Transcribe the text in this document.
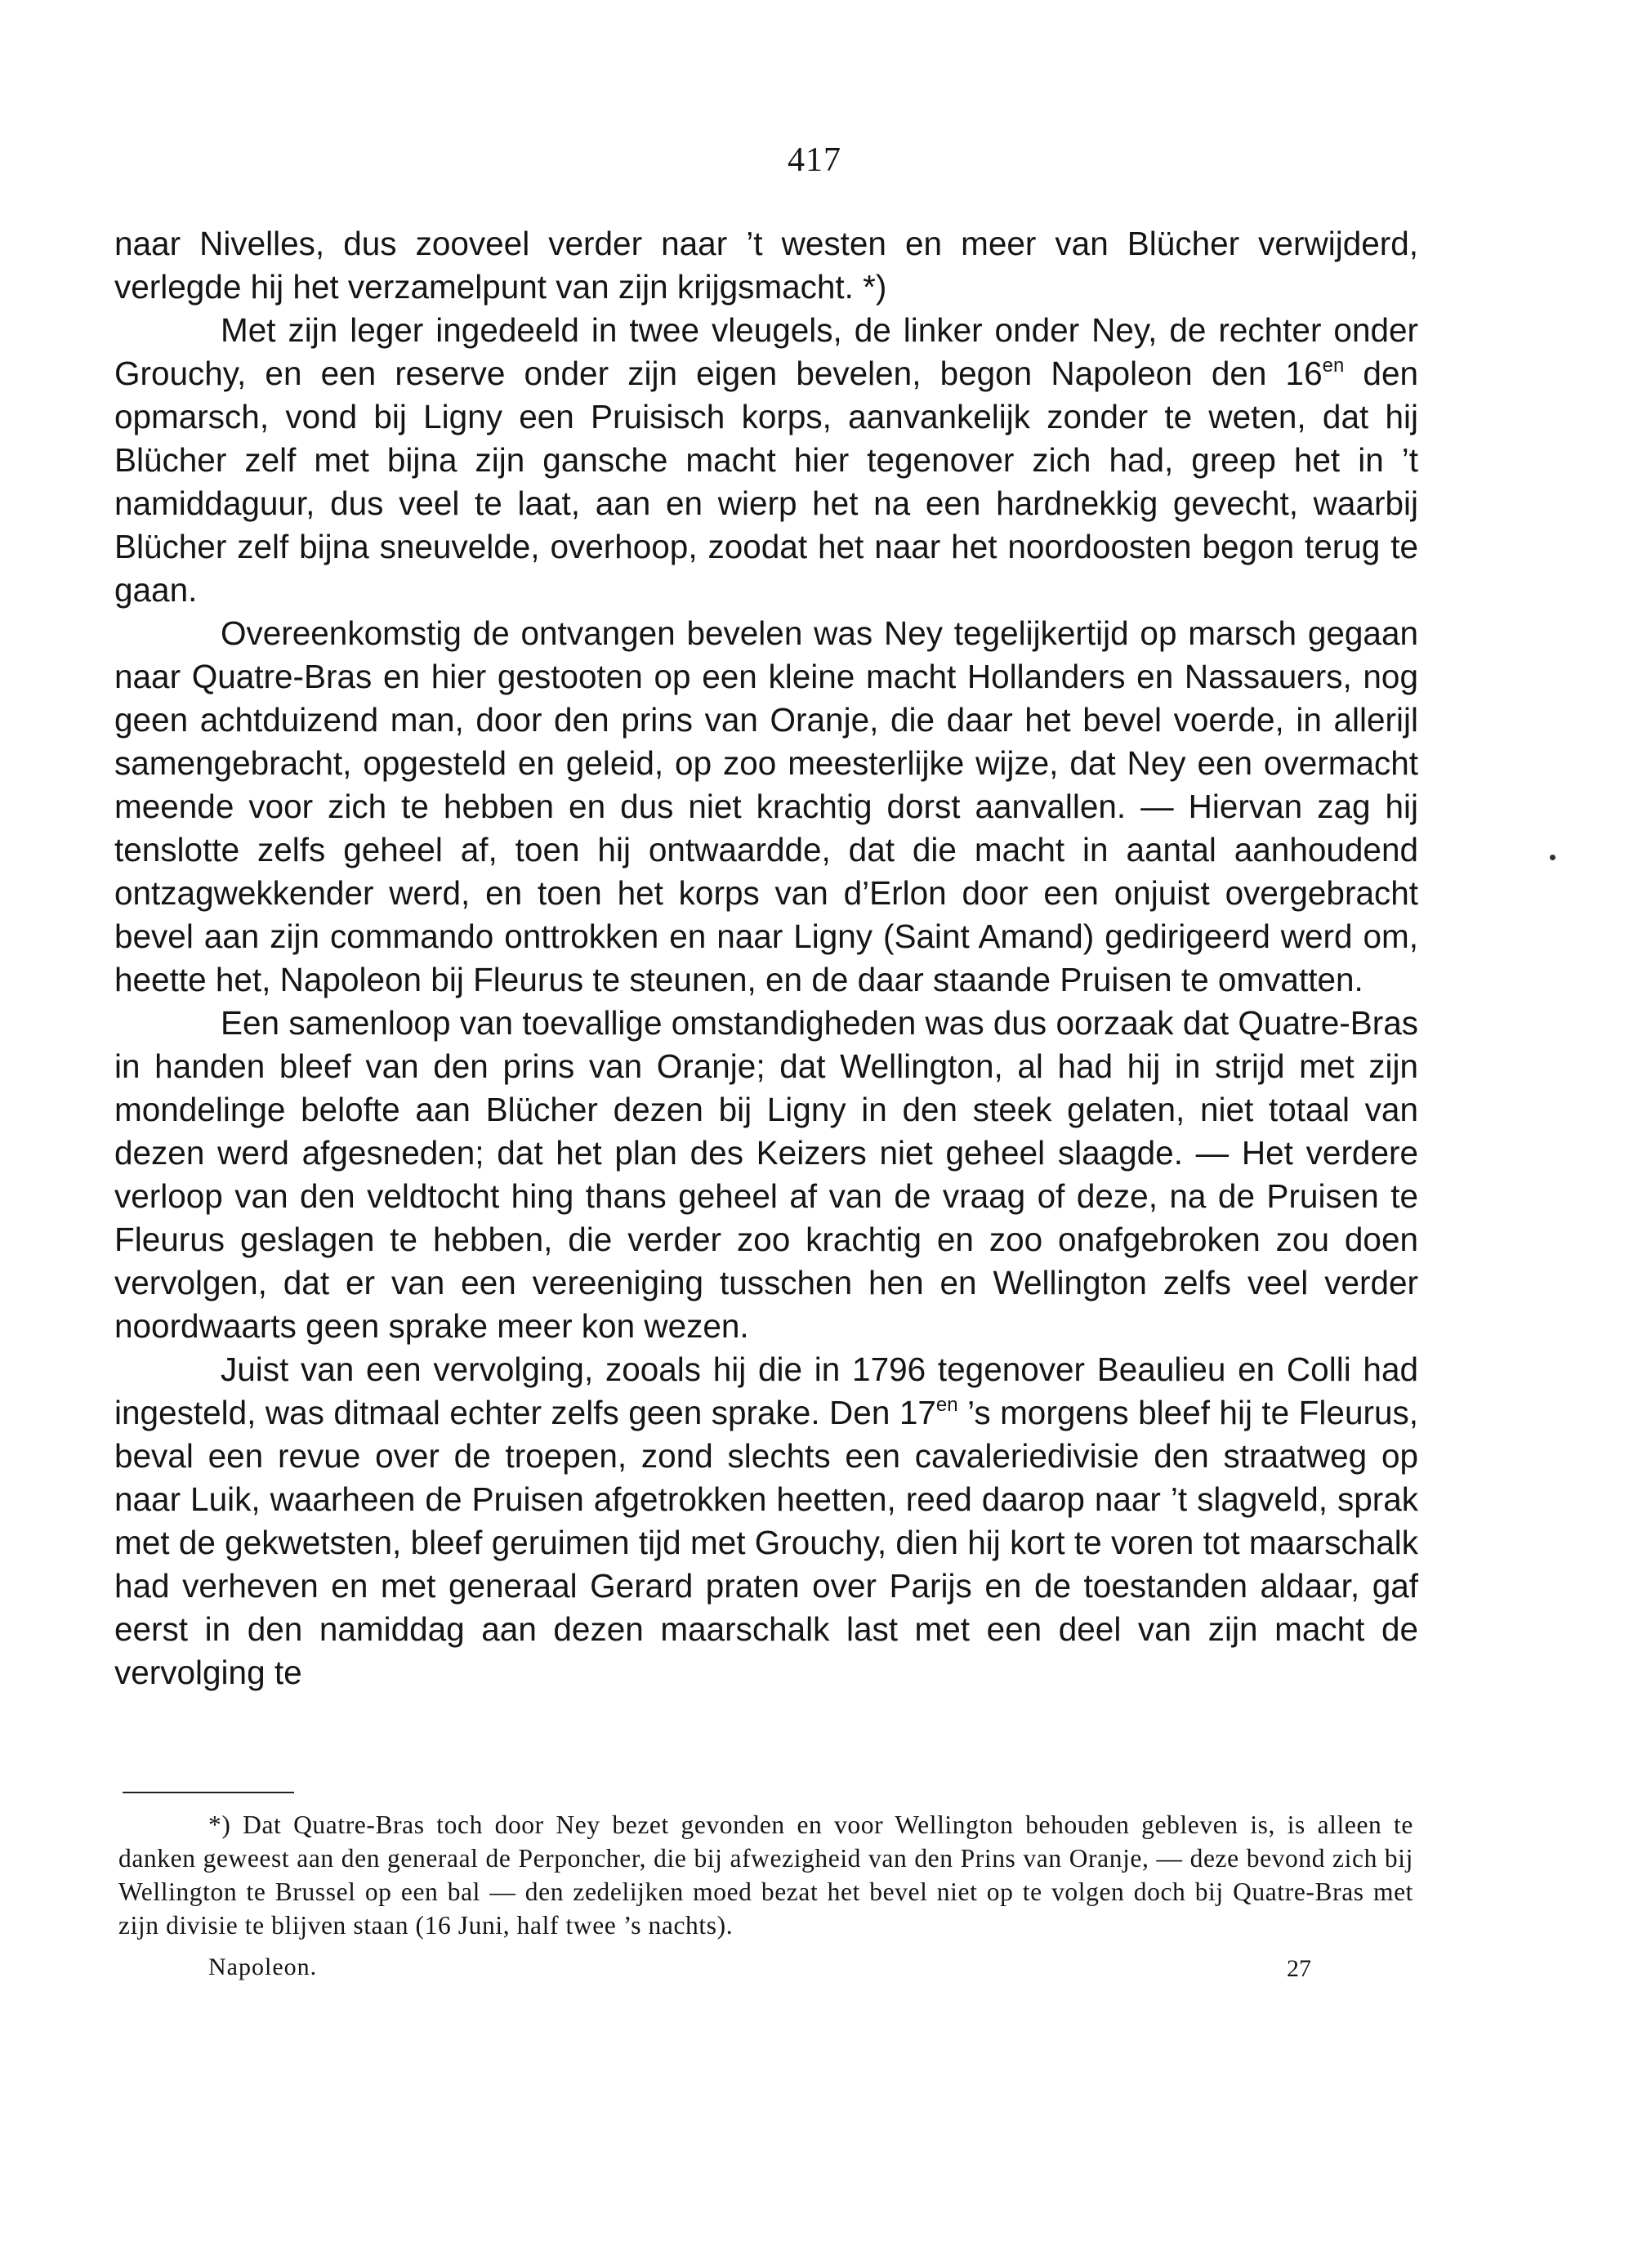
417

naar Nivelles, dus zooveel verder naar ’t westen en meer van Blücher verwijderd, verlegde hij het verzamelpunt van zijn krijgsmacht. *)

Met zijn leger ingedeeld in twee vleugels, de linker onder Ney, de rechter onder Grouchy, en een reserve onder zijn eigen bevelen, begon Napoleon den $16^{en}$ den opmarsch, vond bij Ligny een Pruisisch korps, aanvankelijk zonder te weten, dat hij Blücher zelf met bijna zijn gansche macht hier tegenover zich had, greep het in ’t namiddaguur, dus veel te laat, aan en wierp het na een hardnekkig gevecht, waarbij Blücher zelf bijna sneuvelde, overhoop, zoodat het naar het noordoosten begon terug te gaan.

Overeenkomstig de ontvangen bevelen was Ney tegelijkertijd op marsch gegaan naar Quatre-Bras en hier gestooten op een kleine macht Hollanders en Nassauers, nog geen achtduizend man, door den prins van Oranje, die daar het bevel voerde, in allerijl samengebracht, opgesteld en geleid, op zoo meesterlijke wijze, dat Ney een overmacht meende voor zich te hebben en dus niet krachtig dorst aanvallen. — Hiervan zag hij tenslotte zelfs geheel af, toen hij ontwaardde, dat die macht in aantal aanhoudend ontzagwekkender werd, en toen het korps van d’Erlon door een onjuist overgebracht bevel aan zijn commando onttrokken en naar Ligny (Saint Amand) gedirigeerd werd om, heette het, Napoleon bij Fleurus te steunen, en de daar staande Pruisen te omvatten.

Een samenloop van toevallige omstandigheden was dus oorzaak dat Quatre-Bras in handen bleef van den prins van Oranje; dat Wellington, al had hij in strijd met zijn mondelinge belofte aan Blücher dezen bij Ligny in den steek gelaten, niet totaal van dezen werd afgesneden; dat het plan des Keizers niet geheel slaagde. — Het verdere verloop van den veldtocht hing thans geheel af van de vraag of deze, na de Pruisen te Fleurus geslagen te hebben, die verder zoo krachtig en zoo onafgebroken zou doen vervolgen, dat er van een vereeniging tusschen hen en Wellington zelfs veel verder noordwaarts geen sprake meer kon wezen.

Juist van een vervolging, zooals hij die in 1796 tegenover Beaulieu en Colli had ingesteld, was ditmaal echter zelfs geen sprake. Den $17^{en}$ ’s morgens bleef hij te Fleurus, beval een revue over de troepen, zond slechts een cavaleriedivisie den straatweg op naar Luik, waarheen de Pruisen afgetrokken heetten, reed daarop naar ’t slagveld, sprak met de gekwetsten, bleef geruimen tijd met Grouchy, dien hij kort te voren tot maarschalk had verheven en met generaal Gerard praten over Parijs en de toestanden aldaar, gaf eerst in den namiddag aan dezen maarschalk last met een deel van zijn macht de vervolging te

*) Dat Quatre-Bras toch door Ney bezet gevonden en voor Wellington behouden gebleven is, is alleen te danken geweest aan den generaal de Perponcher, die bij afwezigheid van den Prins van Oranje, — deze bevond zich bij Wellington te Brussel op een bal — den zedelijken moed bezat het bevel niet op te volgen doch bij Quatre-Bras met zijn divisie te blijven staan (16 Juni, half twee ’s nachts).
Napoleon.	27
